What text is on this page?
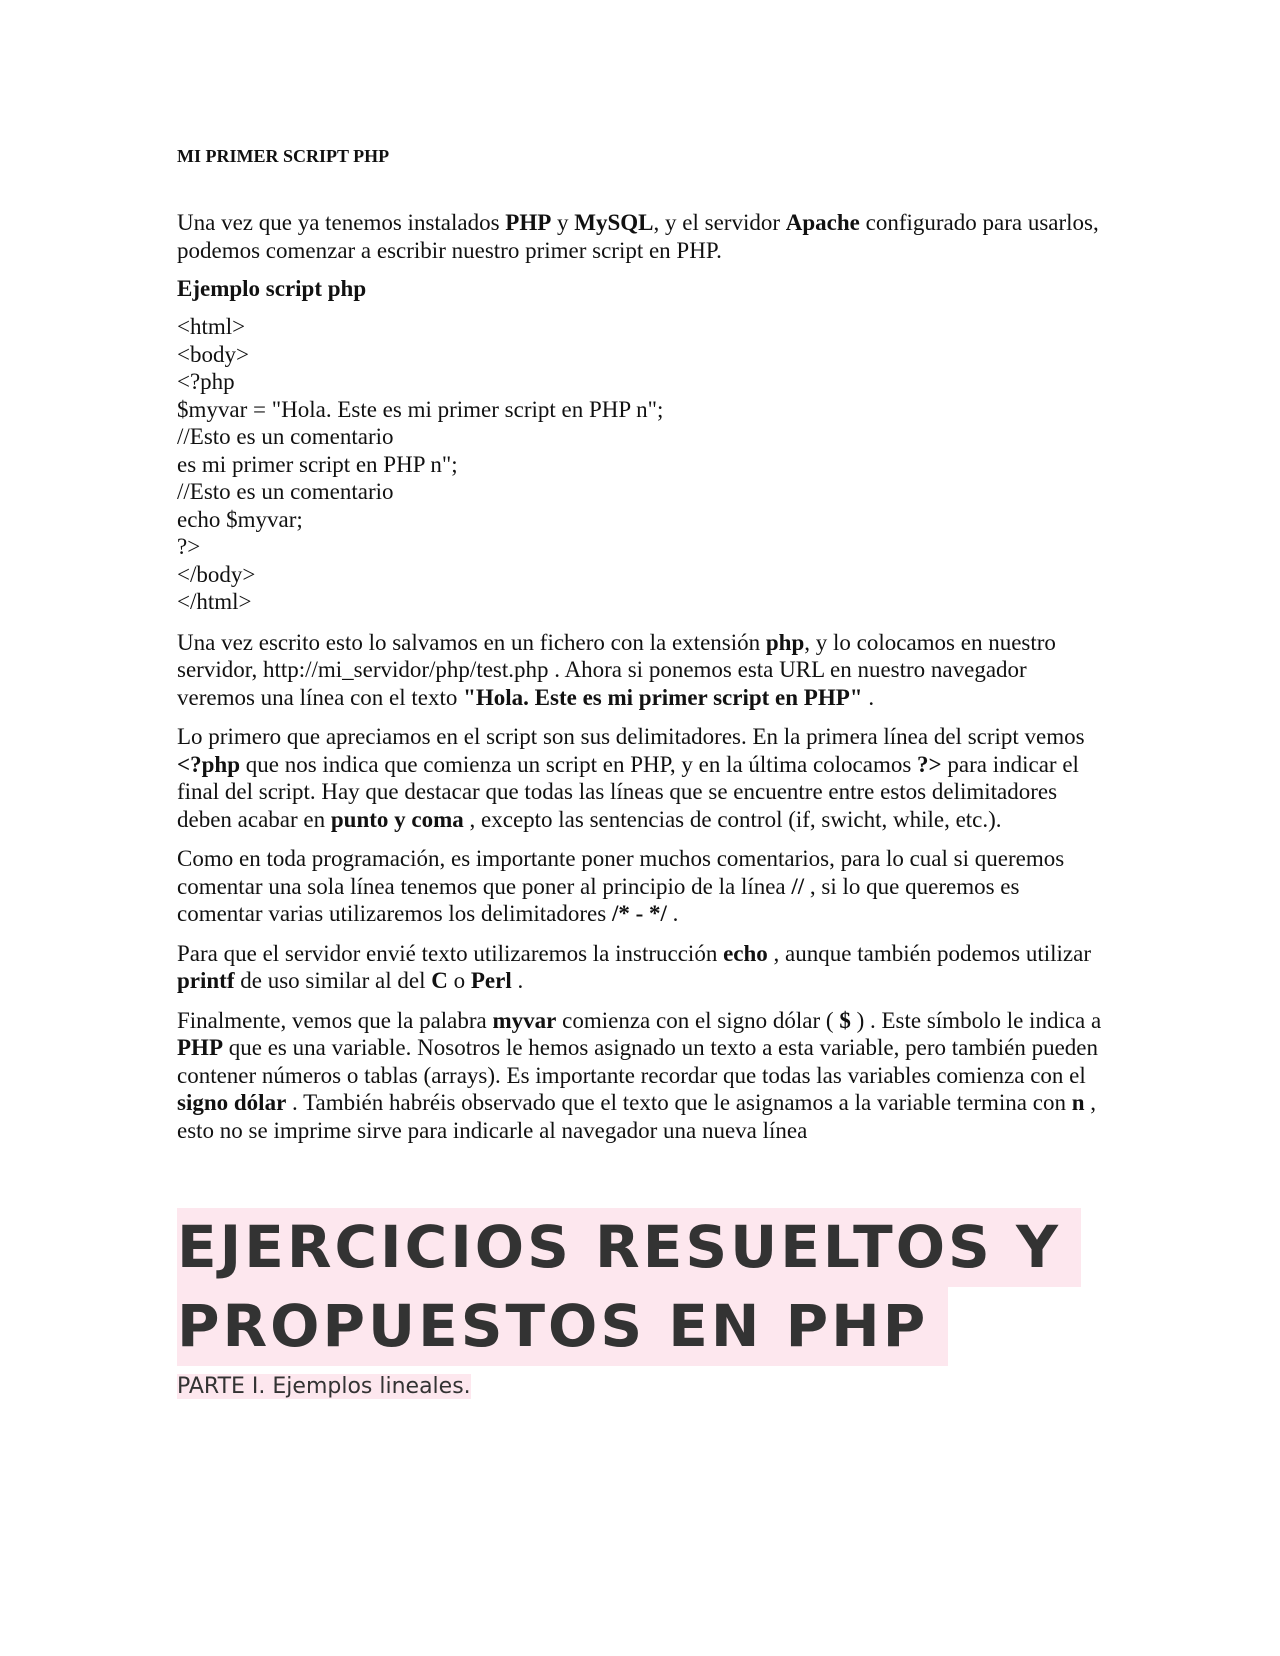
MI PRIMER SCRIPT PHP

Una vez que ya tenemos instalados PHP y MySQL, y el servidor Apache configurado para usarlos, podemos comenzar a escribir nuestro primer script en PHP.

Ejemplo script php
<html>
<body>
<?php
$myvar = "Hola. Este es mi primer script en PHP n";
//Esto es un comentario
es mi primer script en PHP n";
//Esto es un comentario
echo $myvar;
?>
</body>
</html>

Una vez escrito esto lo salvamos en un fichero con la extensión php, y lo colocamos en nuestro servidor, http://mi_servidor/php/test.php . Ahora si ponemos esta URL en nuestro navegador veremos una línea con el texto "Hola. Este es mi primer script en PHP" .

Lo primero que apreciamos en el script son sus delimitadores. En la primera línea del script vemos <?php que nos indica que comienza un script en PHP, y en la última colocamos ?> para indicar el final del script. Hay que destacar que todas las líneas que se encuentre entre estos delimitadores deben acabar en punto y coma , excepto las sentencias de control (if, swicht, while, etc.).

Como en toda programación, es importante poner muchos comentarios, para lo cual si queremos comentar una sola línea tenemos que poner al principio de la línea // , si lo que queremos es comentar varias utilizaremos los delimitadores /* - */ .

Para que el servidor envié texto utilizaremos la instrucción echo , aunque también podemos utilizar printf de uso similar al del C o Perl .

Finalmente, vemos que la palabra myvar comienza con el signo dólar ( $ ) . Este símbolo le indica a PHP que es una variable. Nosotros le hemos asignado un texto a esta variable, pero también pueden contener números o tablas (arrays). Es importante recordar que todas las variables comienza con el signo dólar . También habréis observado que el texto que le asignamos a la variable termina con n , esto no se imprime sirve para indicarle al navegador una nueva línea

EJERCICIOS RESUELTOS Y
PROPUESTOS EN PHP
PARTE I. Ejemplos lineales.
